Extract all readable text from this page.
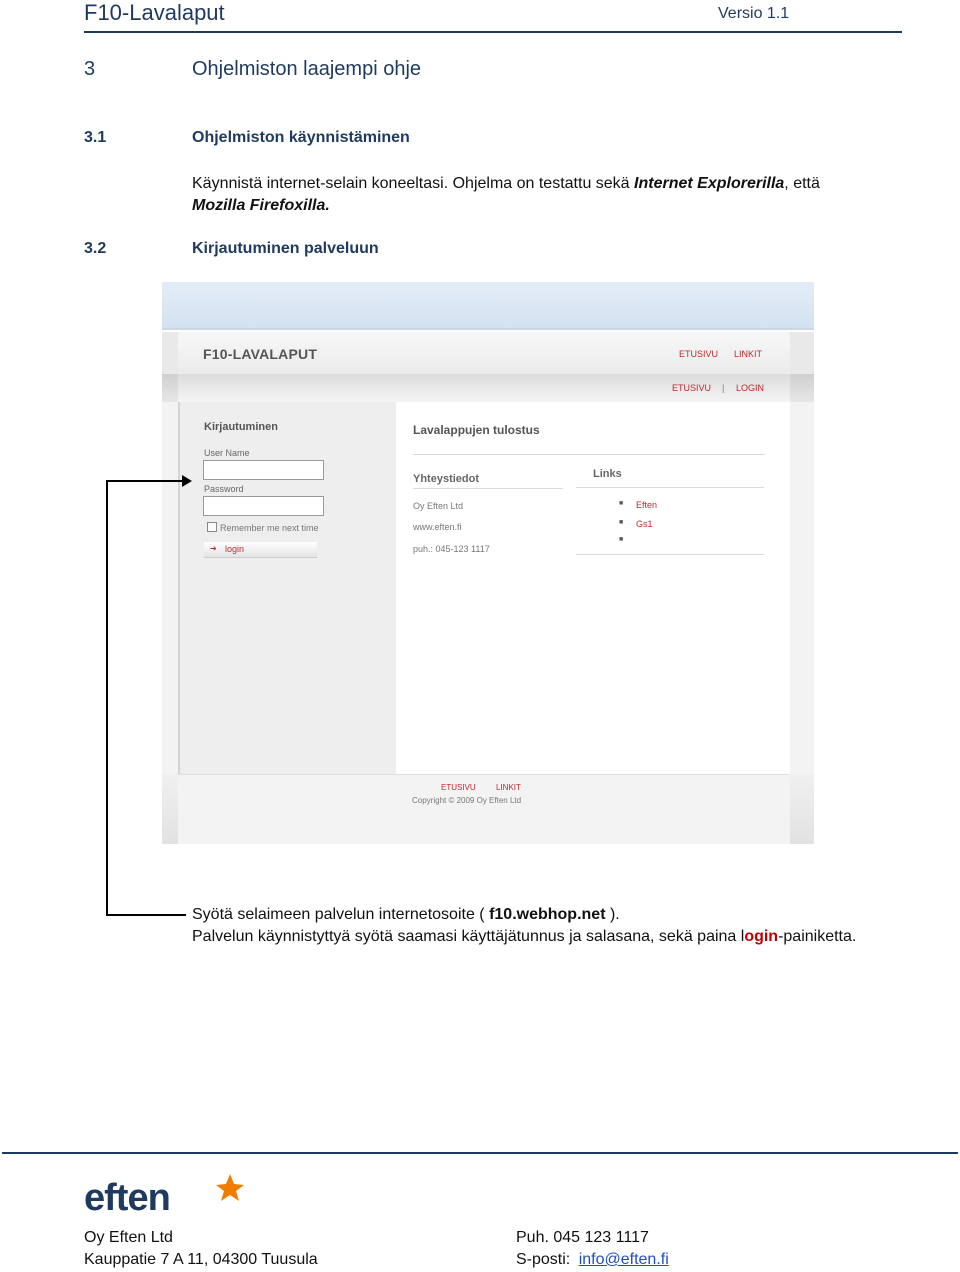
F10-Lavalaput	Versio 1.1
3	Ohjelmiston laajempi ohje
3.1	Ohjelmiston käynnistäminen
Käynnistä internet-selain koneeltasi. Ohjelma on testattu sekä Internet Explorerilla, että
Mozilla Firefoxilla.
3.2	Kirjautuminen palveluun
F10-LAVALAPUT	ETUSIVU LINKIT
ETUSIVU | LOGIN
Kirjautuminen
User Name
Password
Remember me next time
➔ login
Lavalappujen tulostus
Yhteystiedot
Oy Eften Ltd
www.eften.fi
puh.: 045-123 1117
Links
■ Eften
■ Gs1
■
ETUSIVU	LINKIT
Copyright © 2009 Oy Eften Ltd
Syötä selaimeen palvelun internetosoite ( f10.webhop.net ).
Palvelun käynnistyttyä syötä saamasi käyttäjätunnus ja salasana, sekä paina login-painiketta.
eften
Oy Eften Ltd
Kauppatie 7 A 11, 04300 Tuusula
Puh. 045 123 1117
S-posti: info@eften.fi
